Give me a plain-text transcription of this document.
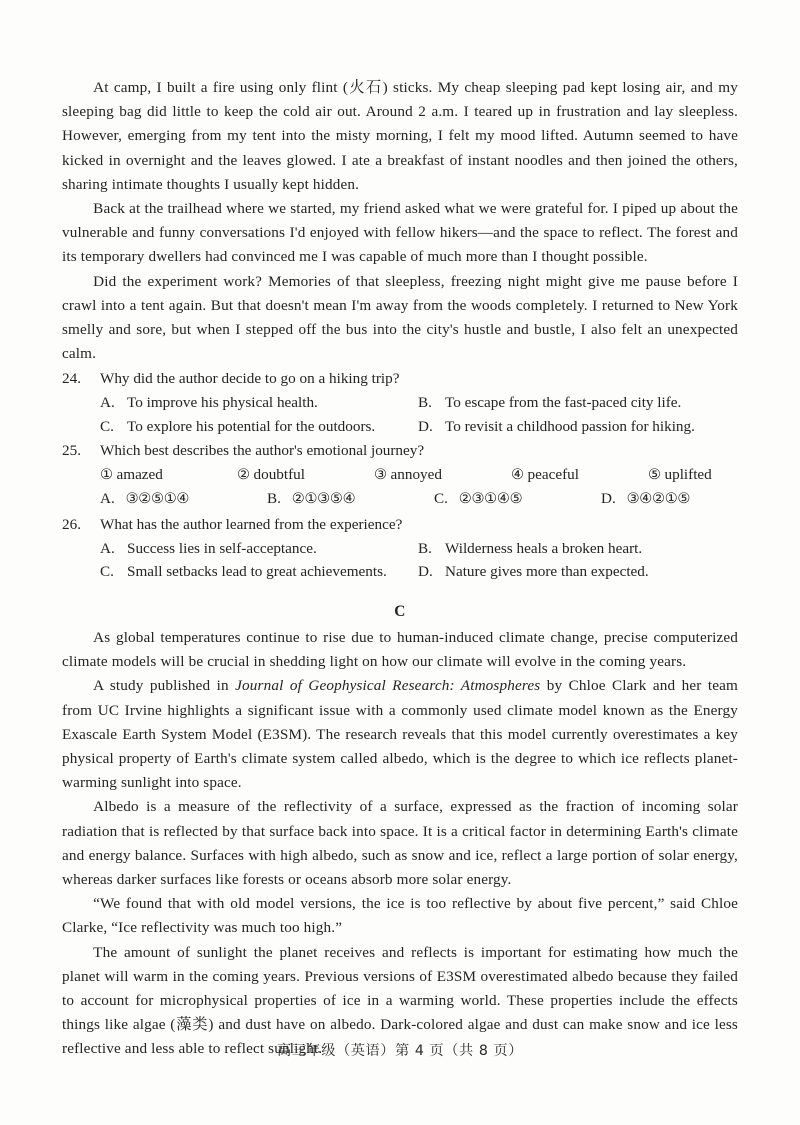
At camp, I built a fire using only flint (火石) sticks. My cheap sleeping pad kept losing air, and my sleeping bag did little to keep the cold air out. Around 2 a.m. I teared up in frustration and lay sleepless. However, emerging from my tent into the misty morning, I felt my mood lifted. Autumn seemed to have kicked in overnight and the leaves glowed. I ate a breakfast of instant noodles and then joined the others, sharing intimate thoughts I usually kept hidden.

Back at the trailhead where we started, my friend asked what we were grateful for. I piped up about the vulnerable and funny conversations I'd enjoyed with fellow hikers—and the space to reflect. The forest and its temporary dwellers had convinced me I was capable of much more than I thought possible.

Did the experiment work? Memories of that sleepless, freezing night might give me pause before I crawl into a tent again. But that doesn't mean I'm away from the woods completely. I returned to New York smelly and sore, but when I stepped off the bus into the city's hustle and bustle, I also felt an unexpected calm.

24.	Why did the author decide to go on a hiking trip?
A. To improve his physical health.	B. To escape from the fast-paced city life.
C. To explore his potential for the outdoors.	D. To revisit a childhood passion for hiking.
25.	Which best describes the author's emotional journey?
① amazed	② doubtful	③ annoyed	④ peaceful	⑤ uplifted
A. ③②⑤①④	B. ②①③⑤④	C. ②③①④⑤	D. ③④②①⑤
26.	What has the author learned from the experience?
A. Success lies in self-acceptance.	B. Wilderness heals a broken heart.
C. Small setbacks lead to great achievements.	D. Nature gives more than expected.
C

As global temperatures continue to rise due to human-induced climate change, precise computerized climate models will be crucial in shedding light on how our climate will evolve in the coming years.

A study published in Journal of Geophysical Research: Atmospheres by Chloe Clark and her team from UC Irvine highlights a significant issue with a commonly used climate model known as the Energy Exascale Earth System Model (E3SM). The research reveals that this model currently overestimates a key physical property of Earth's climate system called albedo, which is the degree to which ice reflects planet-warming sunlight into space.

Albedo is a measure of the reflectivity of a surface, expressed as the fraction of incoming solar radiation that is reflected by that surface back into space. It is a critical factor in determining Earth's climate and energy balance. Surfaces with high albedo, such as snow and ice, reflect a large portion of solar energy, whereas darker surfaces like forests or oceans absorb more solar energy.

“We found that with old model versions, the ice is too reflective by about five percent,” said Chloe Clarke, “Ice reflectivity was much too high.”

The amount of sunlight the planet receives and reflects is important for estimating how much the planet will warm in the coming years. Previous versions of E3SM overestimated albedo because they failed to account for microphysical properties of ice in a warming world. These properties include the effects things like algae (藻类) and dust have on albedo. Dark-colored algae and dust can make snow and ice less reflective and less able to reflect sunlight.

高三年级（英语）第 4 页（共 8 页）
